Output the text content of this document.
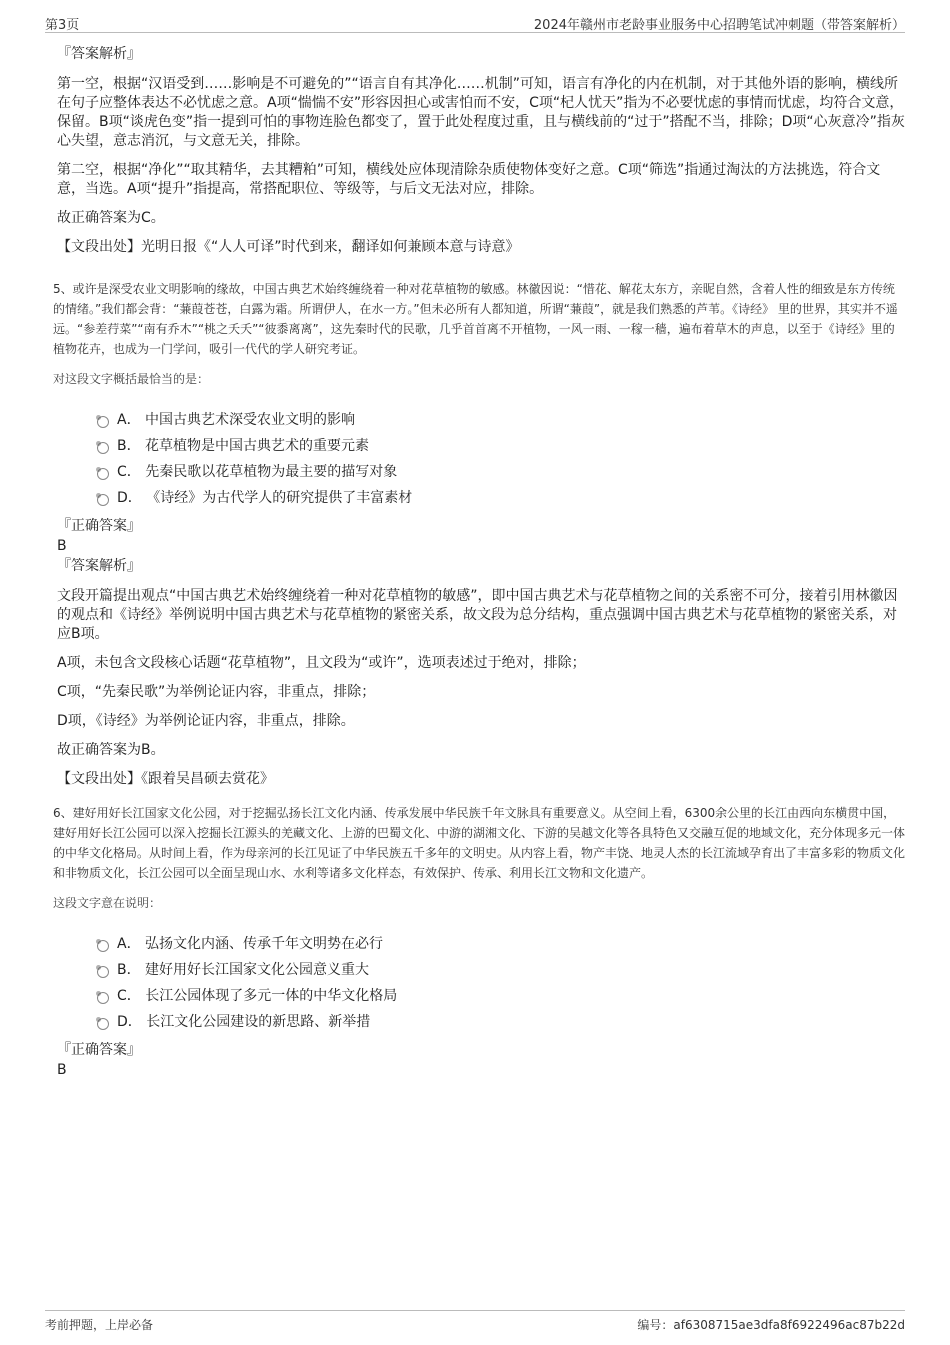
第3页	2024年赣州市老龄事业服务中心招聘笔试冲刺题（带答案解析）
『答案解析』

第一空，根据“汉语受到……影响是不可避免的”“语言自有其净化……机制”可知，语言有净化的内在机制，对于其他外语的影响，横线所在句子应整体表达不必忧虑之意。A项“惴惴不安”形容因担心或害怕而不安，C项“杞人忧天”指为不必要忧虑的事情而忧虑，均符合文意，保留。B项“谈虎色变”指一提到可怕的事物连脸色都变了，置于此处程度过重，且与横线前的“过于”搭配不当，排除；D项“心灰意冷”指灰心失望，意志消沉，与文意无关，排除。

第二空，根据“净化”“取其精华，去其糟粕”可知，横线处应体现清除杂质使物体变好之意。C项“筛选”指通过淘汰的方法挑选，符合文意，当选。A项“提升”指提高，常搭配职位、等级等，与后文无法对应，排除。

故正确答案为C。

【文段出处】光明日报《“人人可译”时代到来，翻译如何兼顾本意与诗意》

5、或许是深受农业文明影响的缘故，中国古典艺术始终缠绕着一种对花草植物的敏感。林徽因说：“惜花、解花太东方，亲昵自然，含着人性的细致是东方传统的情绪。”我们都会背：“蒹葭苍苍，白露为霜。所谓伊人，在水一方。”但未必所有人都知道，所谓“蒹葭”，就是我们熟悉的芦苇。《诗经》 里的世界，其实并不遥远。“参差荇菜”“南有乔木”“桃之夭夭”“彼黍离离”，这先秦时代的民歌，几乎首首离不开植物，一风一雨、一稼一穑，遍布着草木的声息，以至于《诗经》里的植物花卉，也成为一门学问，吸引一代代的学人研究考证。

对这段文字概括最恰当的是：

A． 中国古典艺术深受农业文明的影响
B． 花草植物是中国古典艺术的重要元素
C． 先秦民歌以花草植物为最主要的描写对象
D． 《诗经》为古代学人的研究提供了丰富素材
『正确答案』
B
『答案解析』

文段开篇提出观点“中国古典艺术始终缠绕着一种对花草植物的敏感”，即中国古典艺术与花草植物之间的关系密不可分，接着引用林徽因的观点和《诗经》举例说明中国古典艺术与花草植物的紧密关系，故文段为总分结构，重点强调中国古典艺术与花草植物的紧密关系，对应B项。

A项，未包含文段核心话题“花草植物”，且文段为“或许”，选项表述过于绝对，排除；

C项，“先秦民歌”为举例论证内容，非重点，排除；

D项，《诗经》为举例论证内容，非重点，排除。

故正确答案为B。

【文段出处】《跟着吴昌硕去赏花》

6、建好用好长江国家文化公园，对于挖掘弘扬长江文化内涵、传承发展中华民族千年文脉具有重要意义。从空间上看，6300余公里的长江由西向东横贯中国，建好用好长江公园可以深入挖掘长江源头的羌藏文化、上游的巴蜀文化、中游的湖湘文化、下游的吴越文化等各具特色又交融互促的地域文化，充分体现多元一体的中华文化格局。从时间上看，作为母亲河的长江见证了中华民族五千多年的文明史。从内容上看，物产丰饶、地灵人杰的长江流域孕育出了丰富多彩的物质文化和非物质文化，长江公园可以全面呈现山水、水利等诸多文化样态，有效保护、传承、利用长江文物和文化遗产。

这段文字意在说明：

A． 弘扬文化内涵、传承千年文明势在必行
B． 建好用好长江国家文化公园意义重大
C． 长江公园体现了多元一体的中华文化格局
D． 长江文化公园建设的新思路、新举措
『正确答案』
B
考前押题，上岸必备	编号：af6308715ae3dfa8f6922496ac87b22d
